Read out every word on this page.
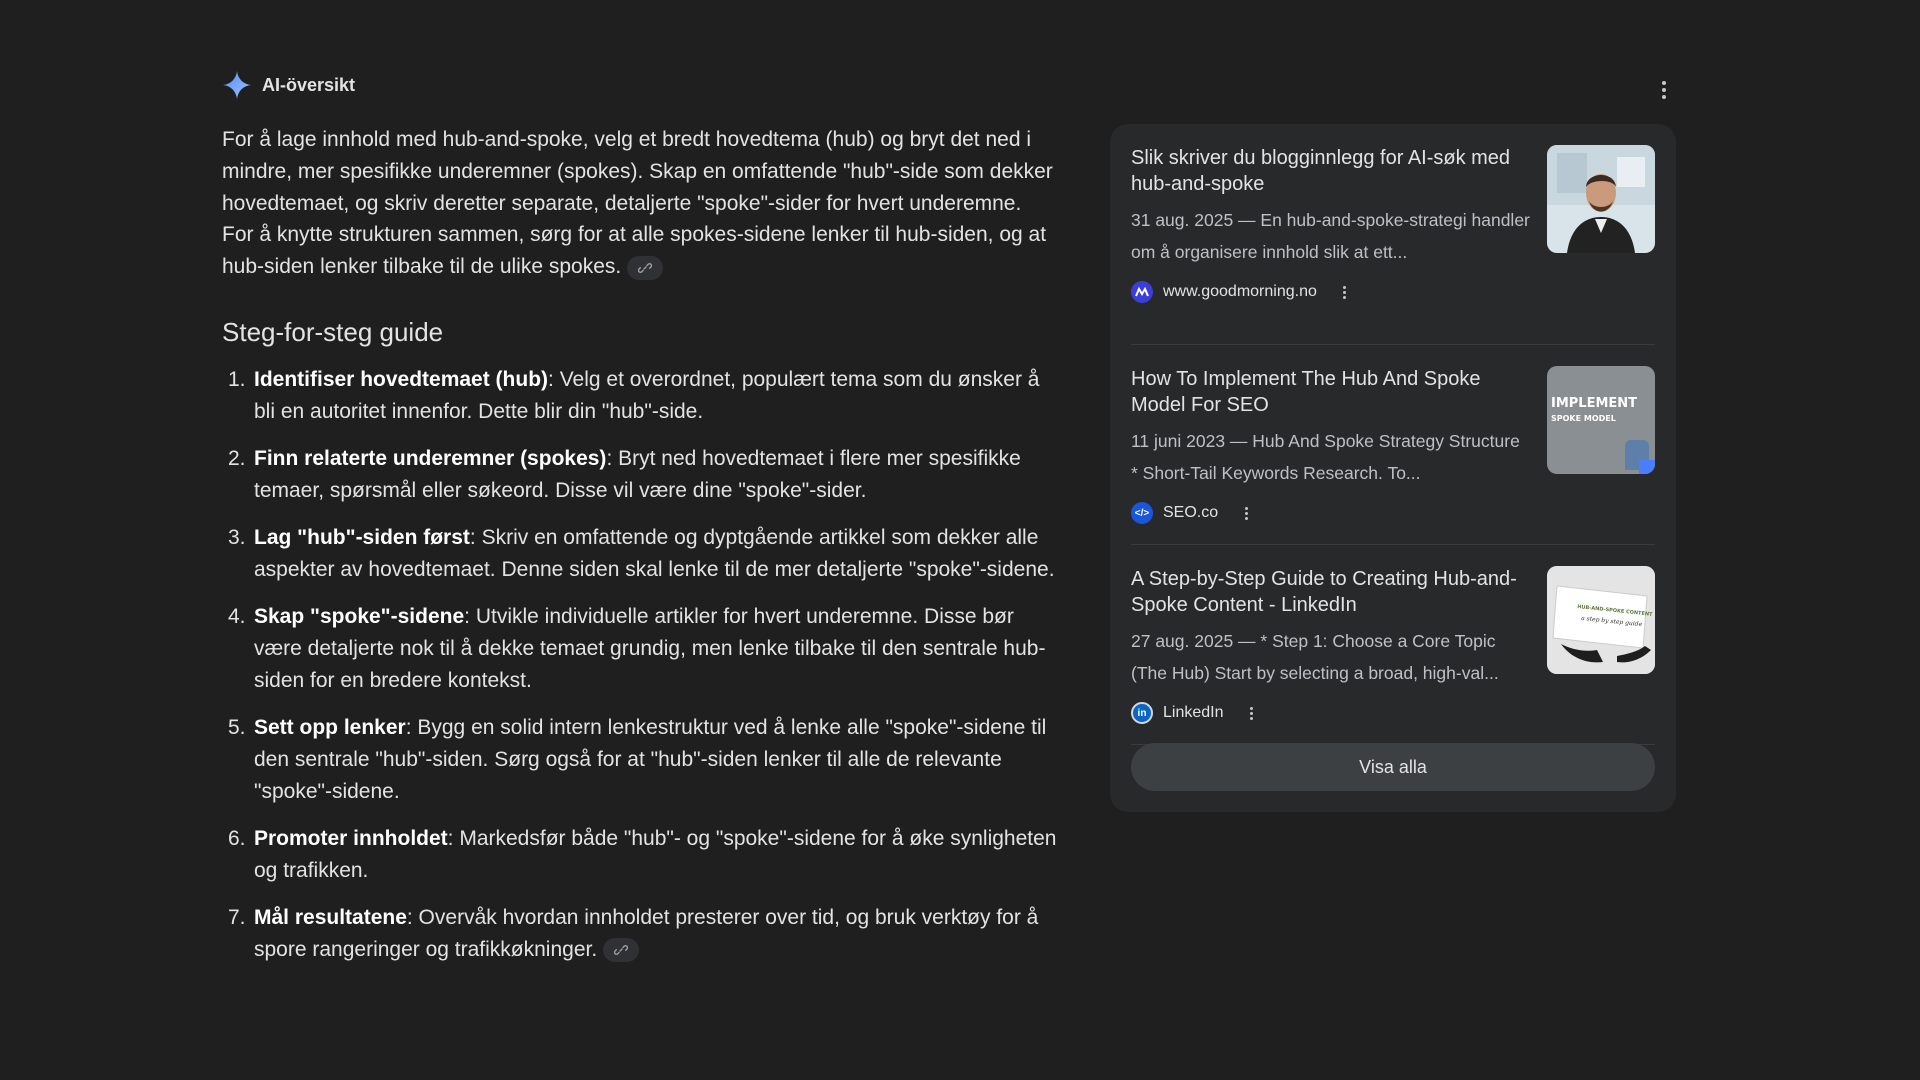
AI-översikt

For å lage innhold med hub-and-spoke, velg et bredt hovedtema (hub) og bryt det ned i mindre, mer spesifikke underemner (spokes). Skap en omfattende "hub"-side som dekker hovedtemaet, og skriv deretter separate, detaljerte "spoke"-sider for hvert underemne. For å knytte strukturen sammen, sørg for at alle spokes-sidene lenker til hub-siden, og at hub-siden lenker tilbake til de ulike spokes.

Steg-for-steg guide
1. Identifiser hovedtemaet (hub): Velg et overordnet, populært tema som du ønsker å bli en autoritet innenfor. Dette blir din "hub"-side.
2. Finn relaterte underemner (spokes): Bryt ned hovedtemaet i flere mer spesifikke temaer, spørsmål eller søkeord. Disse vil være dine "spoke"-sider.
3. Lag "hub"-siden først: Skriv en omfattende og dyptgående artikkel som dekker alle aspekter av hovedtemaet. Denne siden skal lenke til de mer detaljerte "spoke"-sidene.
4. Skap "spoke"-sidene: Utvikle individuelle artikler for hvert underemne. Disse bør være detaljerte nok til å dekke temaet grundig, men lenke tilbake til den sentrale hub-siden for en bredere kontekst.
5. Sett opp lenker: Bygg en solid intern lenkestruktur ved å lenke alle "spoke"-sidene til den sentrale "hub"-siden. Sørg også for at "hub"-siden lenker til alle de relevante "spoke"-sidene.
6. Promoter innholdet: Markedsfør både "hub"- og "spoke"-sidene for å øke synligheten og trafikken.
7. Mål resultatene: Overvåk hvordan innholdet presterer over tid, og bruk verktøy for å spore rangeringer og trafikkøkninger.
Slik skriver du blogginnlegg for AI-søk med hub-and-spoke
31 aug. 2025 — En hub-and-spoke-strategi handler om å organisere innhold slik at ett...
www.goodmorning.no
How To Implement The Hub And Spoke Model For SEO
11 juni 2023 — Hub And Spoke Strategy Structure * Short-Tail Keywords Research. To...
</> SEO.co
IMPLEMENT
SPOKE MODEL
A Step-by-Step Guide to Creating Hub-and-Spoke Content - LinkedIn
27 aug. 2025 — * Step 1: Choose a Core Topic (The Hub) Start by selecting a broad, high-val...
in	LinkedIn
HUB-AND-SPOKE CONTENT
a step by step guide
Visa alla
